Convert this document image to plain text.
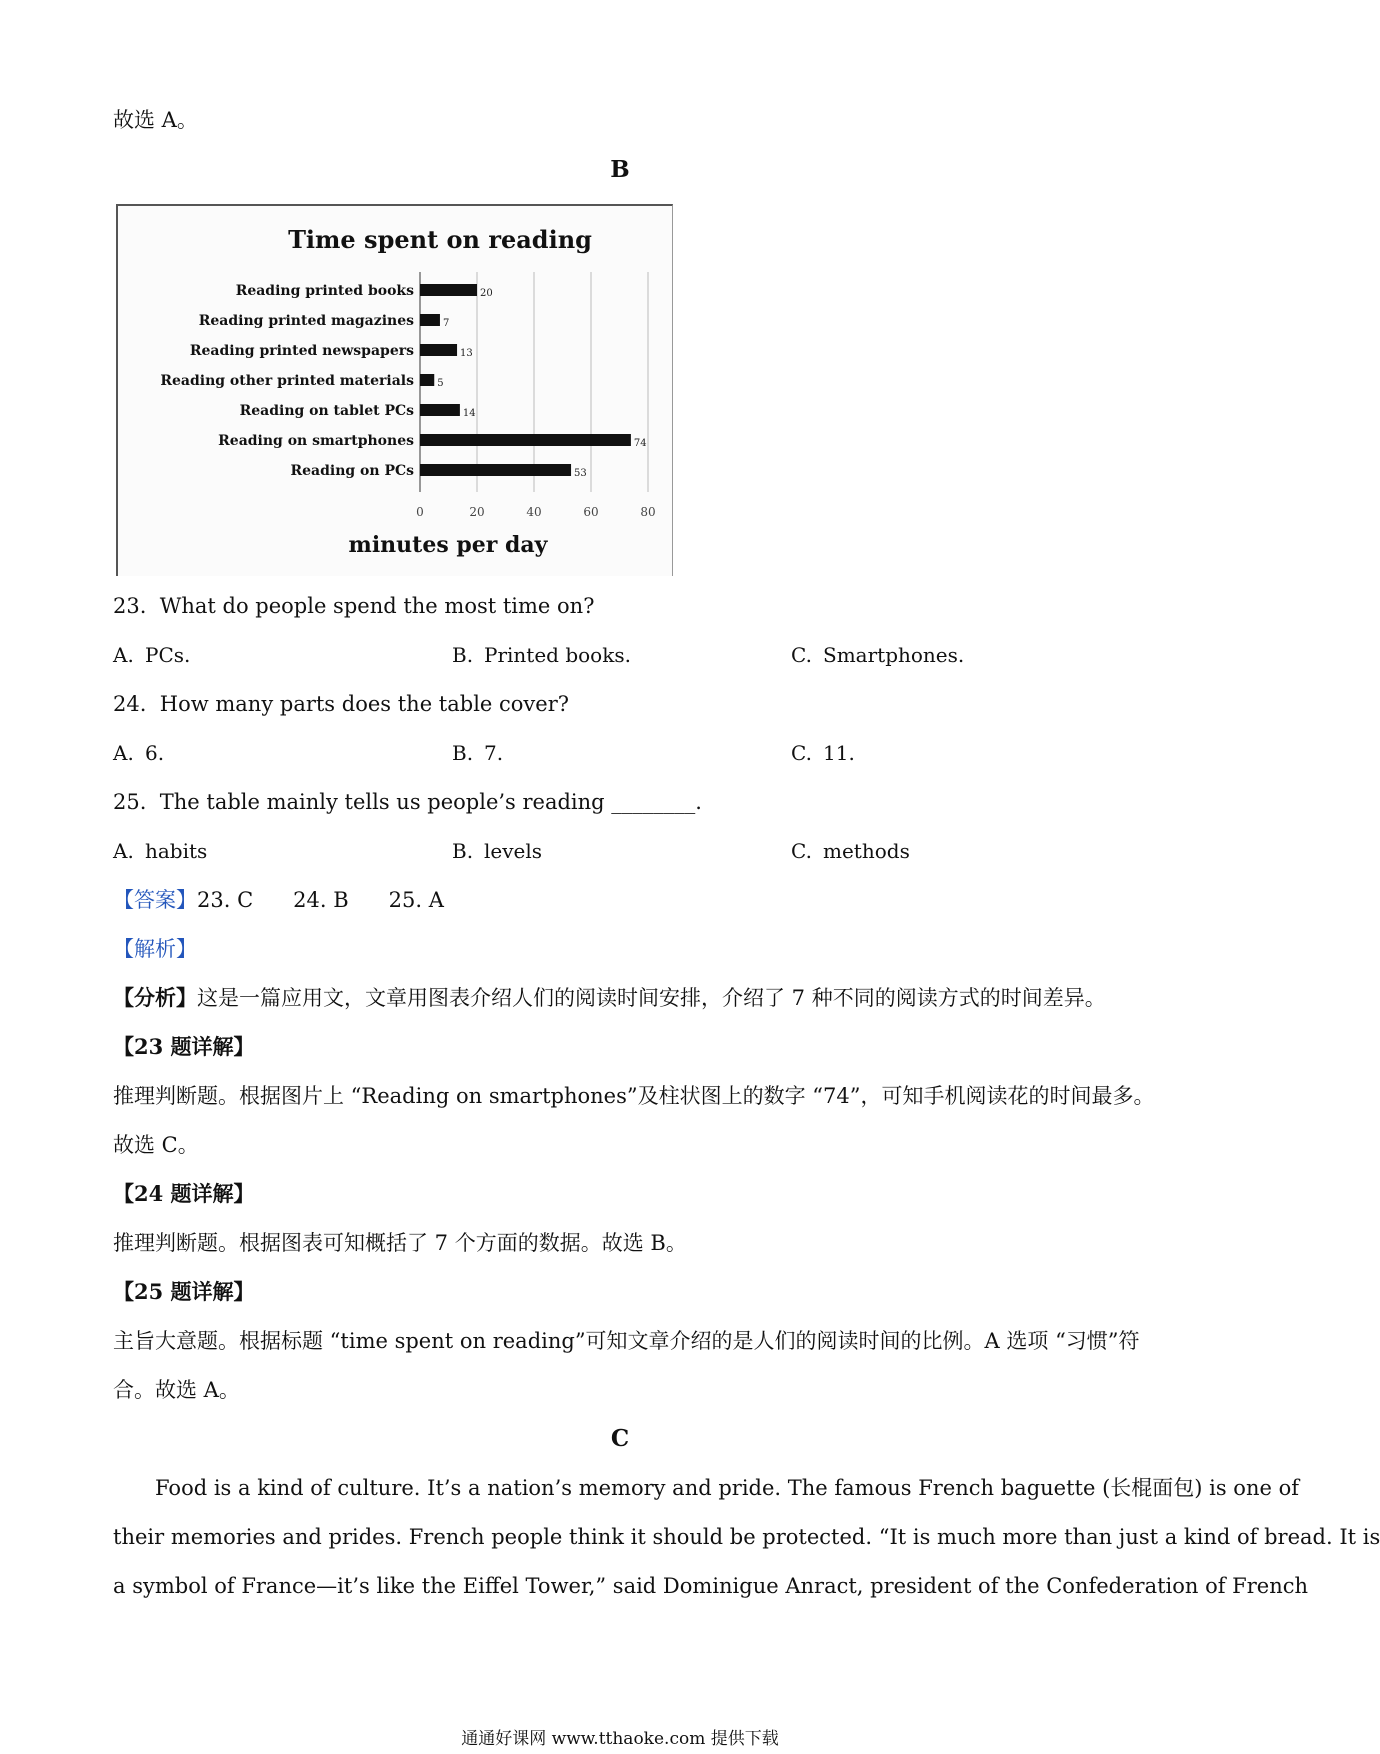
故选 A。
B
Time spent on reading
Reading printed books
Reading printed magazines
Reading printed newspapers
Reading other printed materials
Reading on tablet PCs
Reading on smartphones
Reading on PCs
20
7
13
5
14
74
53
0	20	40	60	80
minutes per day
23. What do people spend the most time on?
A. PCs.	B. Printed books.	C. Smartphones.
24. How many parts does the table cover?
A. 6.	B. 7.	C. 11.
25. The table mainly tells us people’s reading ________.
A. habits	B. levels	C. methods
【答案】23. C 24. B 25. A
【解析】
【分析】这是一篇应用文，文章用图表介绍人们的阅读时间安排，介绍了 7 种不同的阅读方式的时间差异。
【23 题详解】
推理判断题。根据图片上 “Reading on smartphones”及柱状图上的数字 “74”，可知手机阅读花的时间最多。
故选 C。
【24 题详解】
推理判断题。根据图表可知概括了 7 个方面的数据。故选 B。
【25 题详解】
主旨大意题。根据标题 “time spent on reading”可知文章介绍的是人们的阅读时间的比例。A 选项 “习惯”符
合。故选 A。
C
Food is a kind of culture. It’s a nation’s memory and pride. The famous French baguette (长棍面包) is one of
their memories and prides. French people think it should be protected. “It is much more than just a kind of bread. It is
a symbol of France—it’s like the Eiffel Tower,” said Dominigue Anract, president of the Confederation of French
通通好课网 www.tthaoke.com 提供下载
